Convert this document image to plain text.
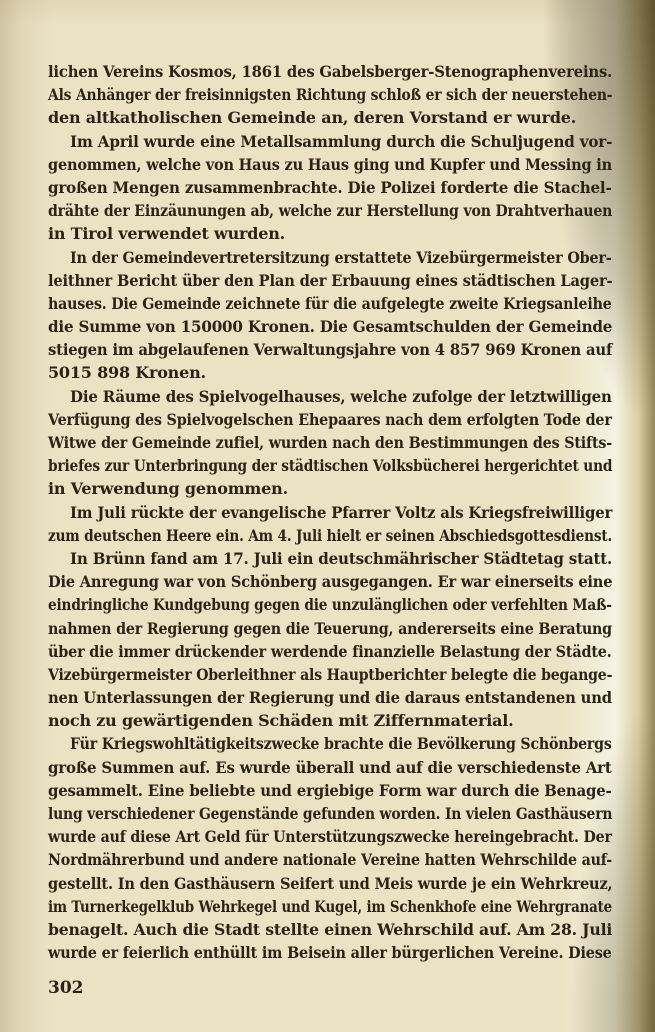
lichen Vereins Kosmos, 1861 des Gabelsberger-Stenographenvereins.
Als Anhänger der freisinnigsten Richtung schloß er sich der neuerstehen-
den altkatholischen Gemeinde an, deren Vorstand er wurde.
Im April wurde eine Metallsammlung durch die Schuljugend vor-
genommen, welche von Haus zu Haus ging und Kupfer und Messing in
großen Mengen zusammenbrachte. Die Polizei forderte die Stachel-
drähte der Einzäunungen ab, welche zur Herstellung von Drahtverhauen
in Tirol verwendet wurden.
In der Gemeindevertretersitzung erstattete Vizebürgermeister Ober-
leithner Bericht über den Plan der Erbauung eines städtischen Lager-
hauses. Die Gemeinde zeichnete für die aufgelegte zweite Kriegsanleihe
die Summe von 150000 Kronen. Die Gesamtschulden der Gemeinde
stiegen im abgelaufenen Verwaltungsjahre von 4 857 969 Kronen auf
5015 898 Kronen.
Die Räume des Spielvogelhauses, welche zufolge der letztwilligen
Verfügung des Spielvogelschen Ehepaares nach dem erfolgten Tode der
Witwe der Gemeinde zufiel, wurden nach den Bestimmungen des Stifts-
briefes zur Unterbringung der städtischen Volksbücherei hergerichtet und
in Verwendung genommen.
Im Juli rückte der evangelische Pfarrer Voltz als Kriegsfreiwilliger
zum deutschen Heere ein. Am 4. Juli hielt er seinen Abschiedsgottesdienst.
In Brünn fand am 17. Juli ein deutschmährischer Städtetag statt.
Die Anregung war von Schönberg ausgegangen. Er war einerseits eine
eindringliche Kundgebung gegen die unzulänglichen oder verfehlten Maß-
nahmen der Regierung gegen die Teuerung, andererseits eine Beratung
über die immer drückender werdende finanzielle Belastung der Städte.
Vizebürgermeister Oberleithner als Hauptberichter belegte die begange-
nen Unterlassungen der Regierung und die daraus entstandenen und
noch zu gewärtigenden Schäden mit Ziffernmaterial.
Für Kriegswohltätigkeitszwecke brachte die Bevölkerung Schönbergs
große Summen auf. Es wurde überall und auf die verschiedenste Art
gesammelt. Eine beliebte und ergiebige Form war durch die Benage-
lung verschiedener Gegenstände gefunden worden. In vielen Gasthäusern
wurde auf diese Art Geld für Unterstützungszwecke hereingebracht. Der
Nordmährerbund und andere nationale Vereine hatten Wehrschilde auf-
gestellt. In den Gasthäusern Seifert und Meis wurde je ein Wehrkreuz,
im Turnerkegelklub Wehrkegel und Kugel, im Schenkhofe eine Wehrgranate
benagelt. Auch die Stadt stellte einen Wehrschild auf. Am 28. Juli
wurde er feierlich enthüllt im Beisein aller bürgerlichen Vereine. Diese
302
